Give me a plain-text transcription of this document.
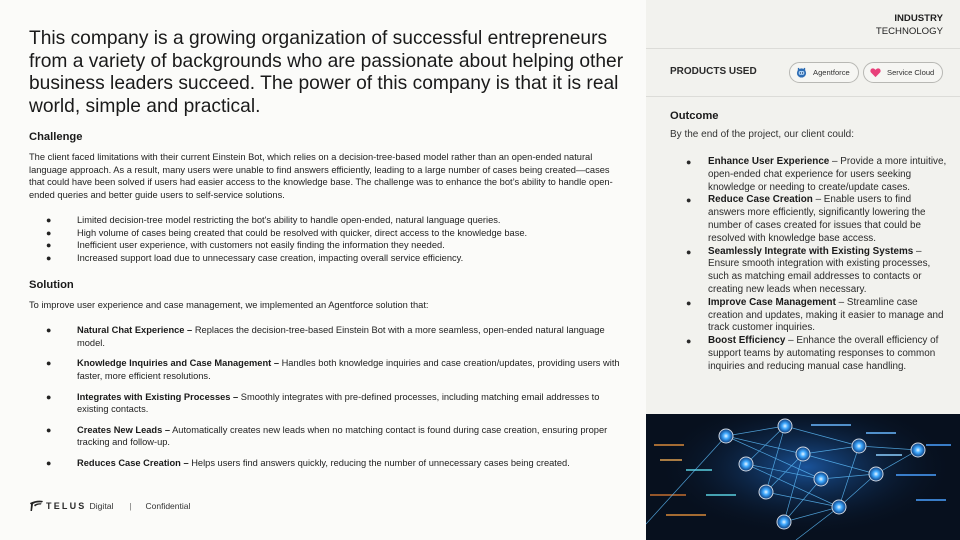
This company is a growing organization of successful entrepreneurs from a variety of backgrounds who are passionate about helping other business leaders succeed. The power of this company is that it is real world, simple and practical.
Challenge
The client faced limitations with their current Einstein Bot, which relies on a decision-tree-based model rather than an open-ended natural language approach. As a result, many users were unable to find answers efficiently, leading to a large number of cases being created—cases that could have been solved if users had easier access to the knowledge base. The challenge was to enhance the bot’s ability to handle open-ended queries and better guide users to self-service solutions.
●	Limited decision-tree model restricting the bot's ability to handle open-ended, natural language queries.
●	High volume of cases being created that could be resolved with quicker, direct access to the knowledge base.
●	Inefficient user experience, with customers not easily finding the information they needed.
●	Increased support load due to unnecessary case creation, impacting overall service efficiency.
Solution
To improve user experience and case management, we implemented an Agentforce solution that:
●	Natural Chat Experience – Replaces the decision-tree-based Einstein Bot with a more seamless, open-ended natural language model.
●	Knowledge Inquiries and Case Management – Handles both knowledge inquiries and case creation/updates, providing users with faster, more efficient resolutions.
●	Integrates with Existing Processes – Smoothly integrates with pre-defined processes, including matching email addresses to existing contacts.
●	Creates New Leads – Automatically creates new leads when no matching contact is found during case creation, ensuring proper tracking and follow-up.
●	Reduces Case Creation – Helps users find answers quickly, reducing the number of unnecessary cases being created.
TELUS Digital | Confidential
INDUSTRY
TECHNOLOGY
PRODUCTS USED	Agentforce	Service Cloud
Outcome
By the end of the project, our client could:
● Enhance User Experience – Provide a more intuitive, open-ended chat experience for users seeking knowledge or needing to create/update cases.
● Reduce Case Creation – Enable users to find answers more efficiently, significantly lowering the number of cases created for issues that could be resolved with knowledge base access.
● Seamlessly Integrate with Existing Systems – Ensure smooth integration with existing processes, such as matching email addresses to contacts or creating new leads when necessary.
● Improve Case Management – Streamline case creation and updates, making it easier to manage and track customer inquiries.
● Boost Efficiency – Enhance the overall efficiency of support teams by automating responses to common inquiries and reducing manual case handling.
